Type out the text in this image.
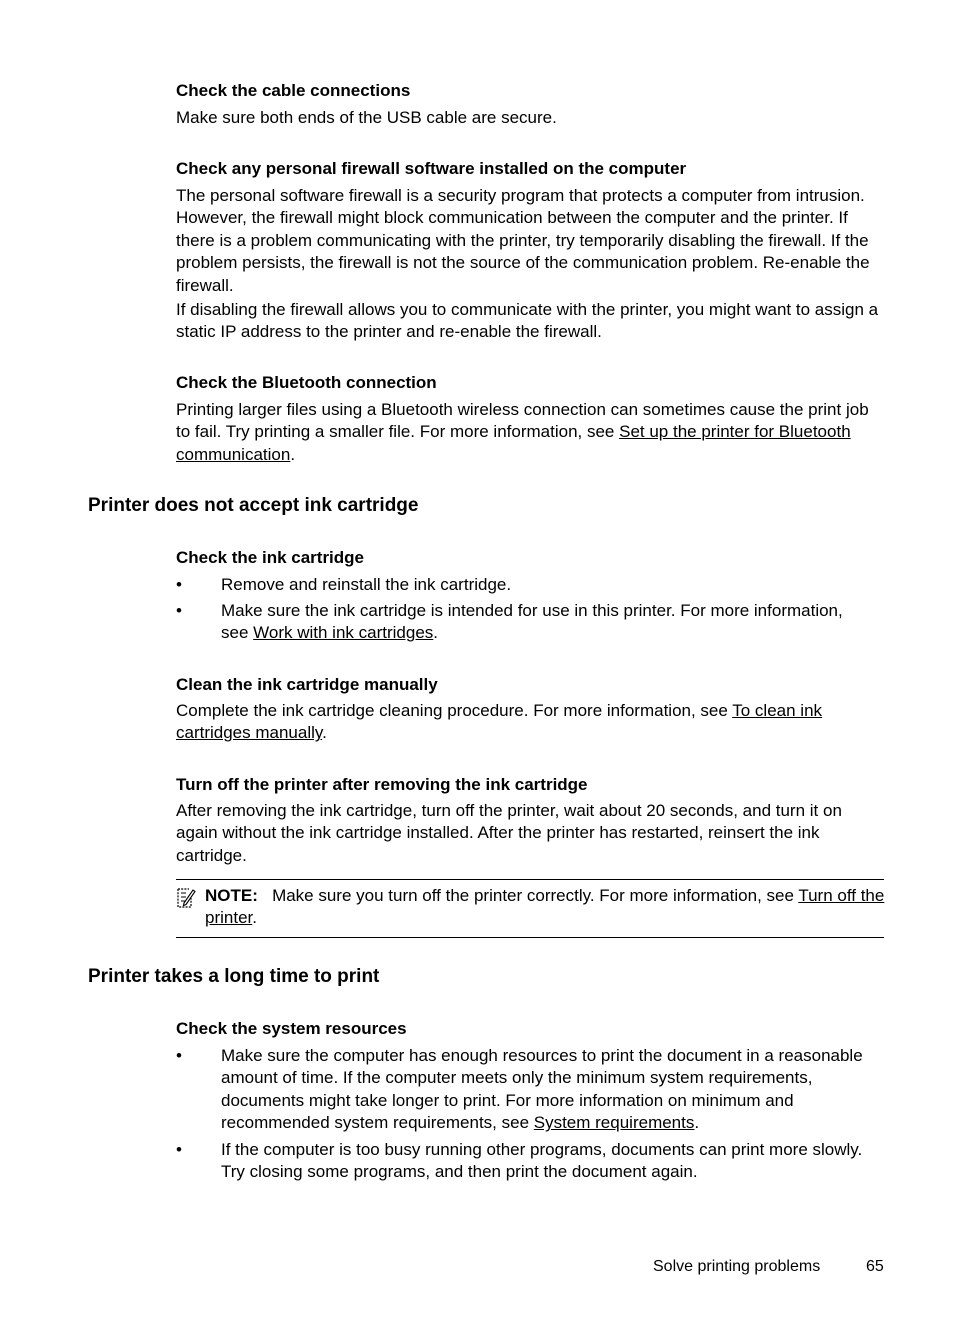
Check the cable connections
Make sure both ends of the USB cable are secure.
Check any personal firewall software installed on the computer
The personal software firewall is a security program that protects a computer from intrusion. However, the firewall might block communication between the computer and the printer. If there is a problem communicating with the printer, try temporarily disabling the firewall. If the problem persists, the firewall is not the source of the communication problem. Re-enable the firewall.
If disabling the firewall allows you to communicate with the printer, you might want to assign a static IP address to the printer and re-enable the firewall.
Check the Bluetooth connection
Printing larger files using a Bluetooth wireless connection can sometimes cause the print job to fail. Try printing a smaller file. For more information, see Set up the printer for Bluetooth communication.
Printer does not accept ink cartridge
Check the ink cartridge
• Remove and reinstall the ink cartridge.
• Make sure the ink cartridge is intended for use in this printer. For more information, see Work with ink cartridges.
Clean the ink cartridge manually
Complete the ink cartridge cleaning procedure. For more information, see To clean ink cartridges manually.
Turn off the printer after removing the ink cartridge
After removing the ink cartridge, turn off the printer, wait about 20 seconds, and turn it on again without the ink cartridge installed. After the printer has restarted, reinsert the ink cartridge.
NOTE: Make sure you turn off the printer correctly. For more information, see Turn off the printer.
Printer takes a long time to print
Check the system resources
• Make sure the computer has enough resources to print the document in a reasonable amount of time. If the computer meets only the minimum system requirements, documents might take longer to print. For more information on minimum and recommended system requirements, see System requirements.
• If the computer is too busy running other programs, documents can print more slowly. Try closing some programs, and then print the document again.
Solve printing problems	65
